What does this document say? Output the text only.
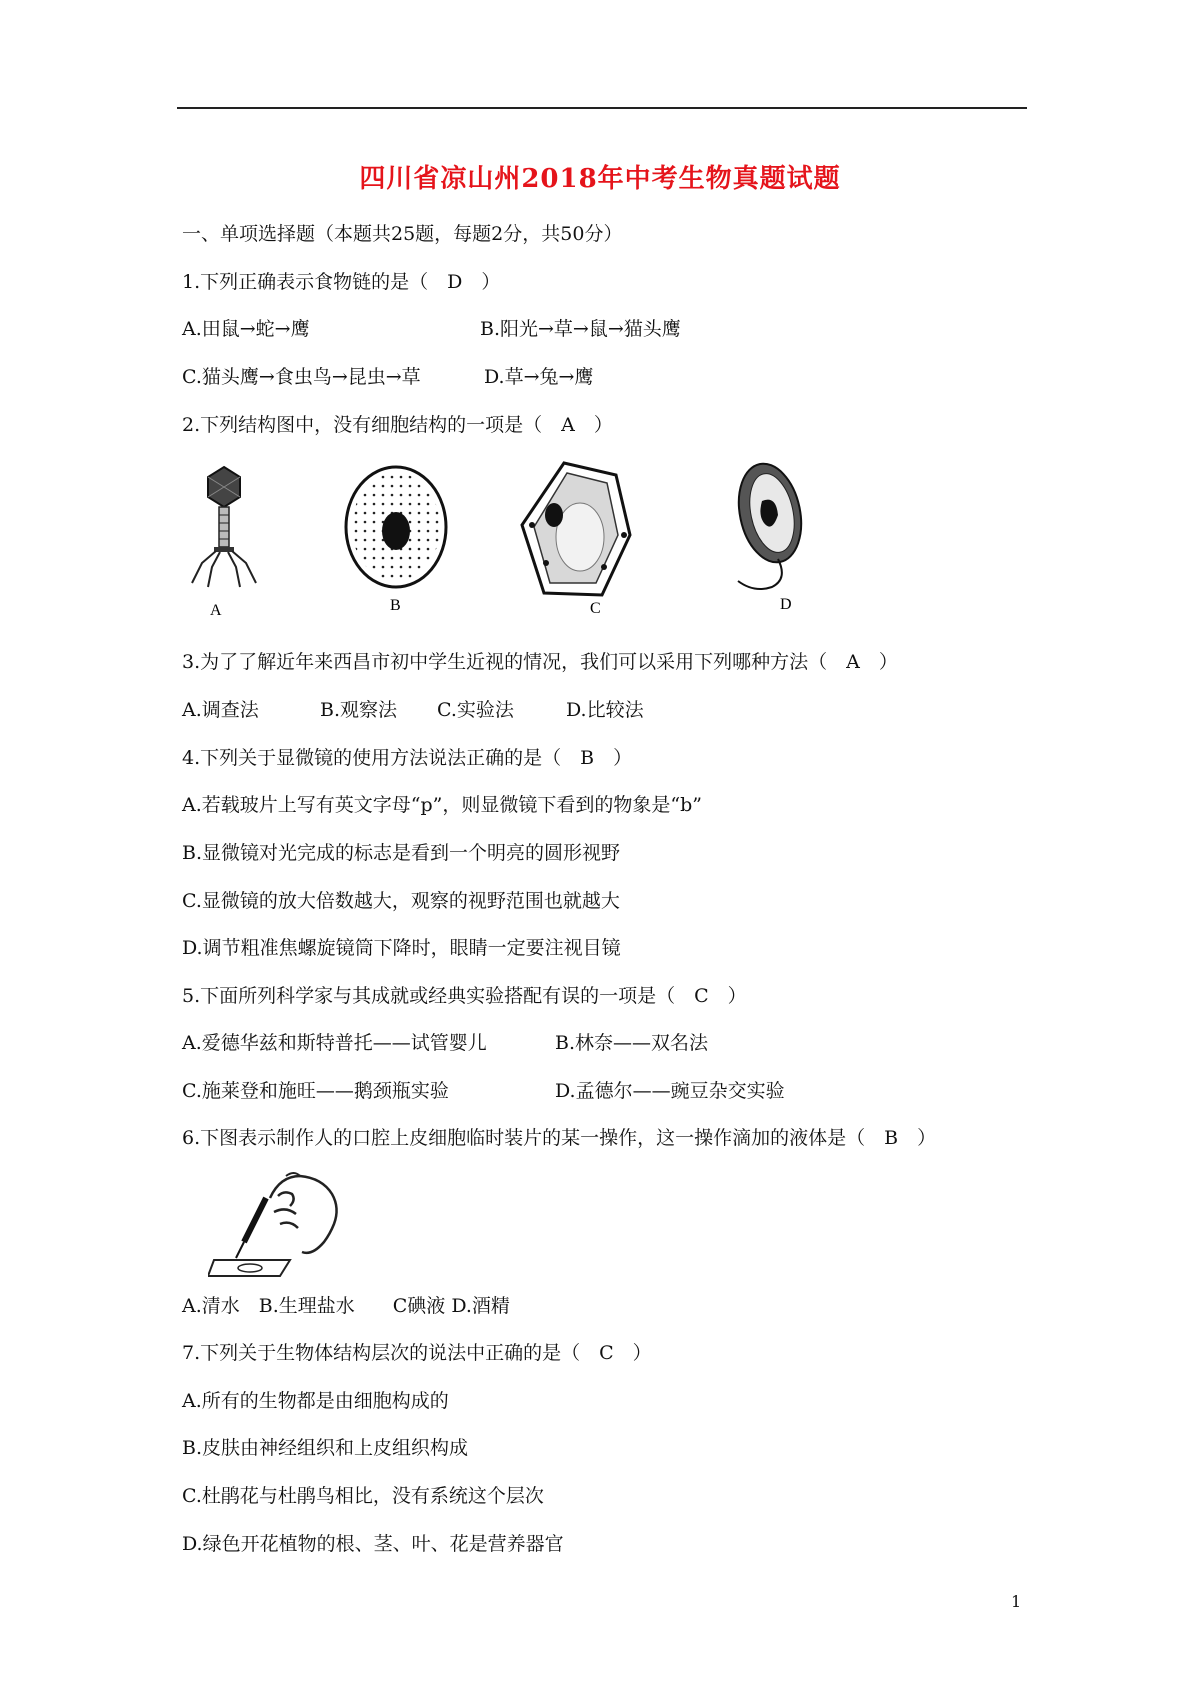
四川省凉山州2018年中考生物真题试题
一、单项选择题（本题共25题，每题2分，共50分）
1.下列正确表示食物链的是（　D　）
A.田鼠→蛇→鹰	B.阳光→草→鼠→猫头鹰
C.猫头鹰→食虫鸟→昆虫→草	D.草→兔→鹰
2.下列结构图中，没有细胞结构的一项是（　A　）
A	B	C	D
3.为了了解近年来西昌市初中学生近视的情况，我们可以采用下列哪种方法（　A　）
A.调查法	B.观察法 C.实验法	D.比较法
4.下列关于显微镜的使用方法说法正确的是（　B　）
A.若载玻片上写有英文字母“p”，则显微镜下看到的物象是“b”
B.显微镜对光完成的标志是看到一个明亮的圆形视野
C.显微镜的放大倍数越大，观察的视野范围也就越大
D.调节粗准焦螺旋镜筒下降时，眼睛一定要注视目镜
5.下面所列科学家与其成就或经典实验搭配有误的一项是（　C　）
A.爱德华兹和斯特普托——试管婴儿	B.林奈——双名法
C.施莱登和施旺——鹅颈瓶实验	D.孟德尔——豌豆杂交实验
6.下图表示制作人的口腔上皮细胞临时装片的某一操作，这一操作滴加的液体是（　B　）
A.清水　B.生理盐水　　C碘液 D.酒精
7.下列关于生物体结构层次的说法中正确的是（　C　）
A.所有的生物都是由细胞构成的
B.皮肤由神经组织和上皮组织构成
C.杜鹃花与杜鹃鸟相比，没有系统这个层次
D.绿色开花植物的根、茎、叶、花是营养器官
1
